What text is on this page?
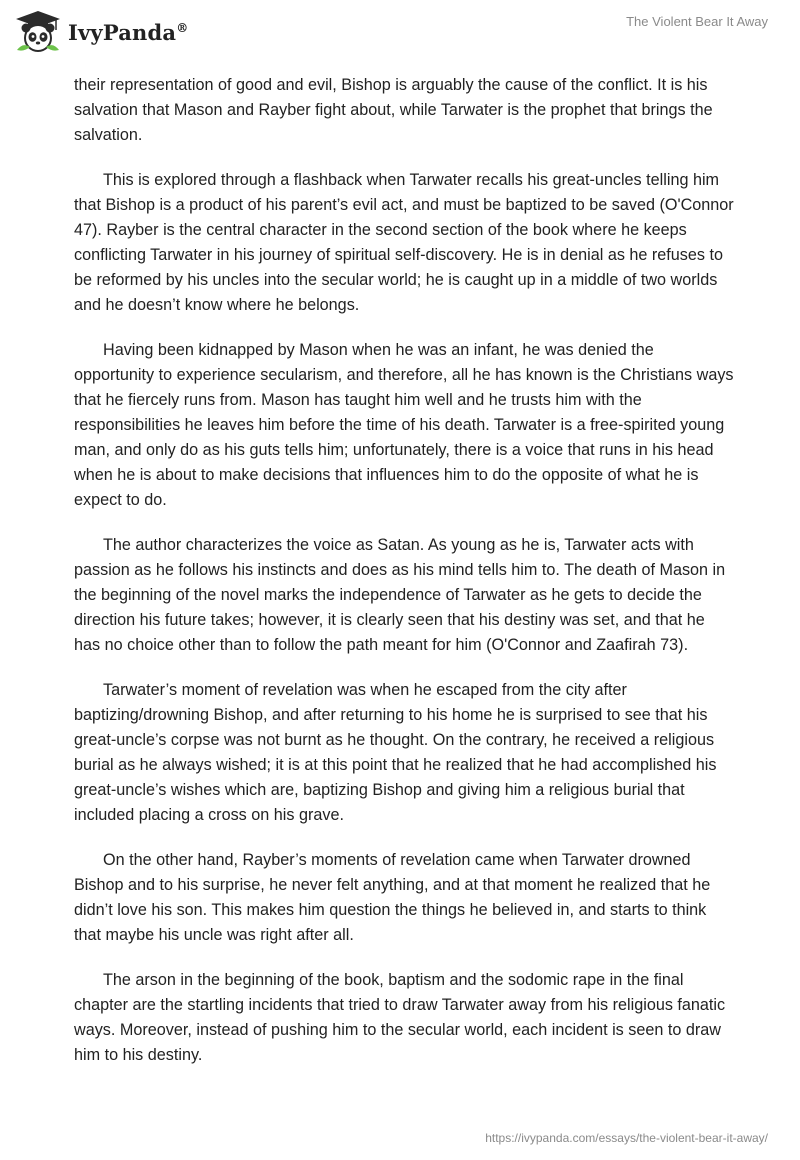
IvyPanda®	The Violent Bear It Away

their representation of good and evil, Bishop is arguably the cause of the conflict. It is his salvation that Mason and Rayber fight about, while Tarwater is the prophet that brings the salvation.

This is explored through a flashback when Tarwater recalls his great-uncles telling him that Bishop is a product of his parent’s evil act, and must be baptized to be saved (O'Connor 47). Rayber is the central character in the second section of the book where he keeps conflicting Tarwater in his journey of spiritual self-discovery. He is in denial as he refuses to be reformed by his uncles into the secular world; he is caught up in a middle of two worlds and he doesn’t know where he belongs.

Having been kidnapped by Mason when he was an infant, he was denied the opportunity to experience secularism, and therefore, all he has known is the Christians ways that he fiercely runs from. Mason has taught him well and he trusts him with the responsibilities he leaves him before the time of his death. Tarwater is a free-spirited young man, and only do as his guts tells him; unfortunately, there is a voice that runs in his head when he is about to make decisions that influences him to do the opposite of what he is expect to do.

The author characterizes the voice as Satan. As young as he is, Tarwater acts with passion as he follows his instincts and does as his mind tells him to. The death of Mason in the beginning of the novel marks the independence of Tarwater as he gets to decide the direction his future takes; however, it is clearly seen that his destiny was set, and that he has no choice other than to follow the path meant for him (O'Connor and Zaafirah 73).

Tarwater’s moment of revelation was when he escaped from the city after baptizing/drowning Bishop, and after returning to his home he is surprised to see that his great-uncle’s corpse was not burnt as he thought. On the contrary, he received a religious burial as he always wished; it is at this point that he realized that he had accomplished his great-uncle’s wishes which are, baptizing Bishop and giving him a religious burial that included placing a cross on his grave.

On the other hand, Rayber’s moments of revelation came when Tarwater drowned Bishop and to his surprise, he never felt anything, and at that moment he realized that he didn’t love his son. This makes him question the things he believed in, and starts to think that maybe his uncle was right after all.

The arson in the beginning of the book, baptism and the sodomic rape in the final chapter are the startling incidents that tried to draw Tarwater away from his religious fanatic ways. Moreover, instead of pushing him to the secular world, each incident is seen to draw him to his destiny.

https://ivypanda.com/essays/the-violent-bear-it-away/
